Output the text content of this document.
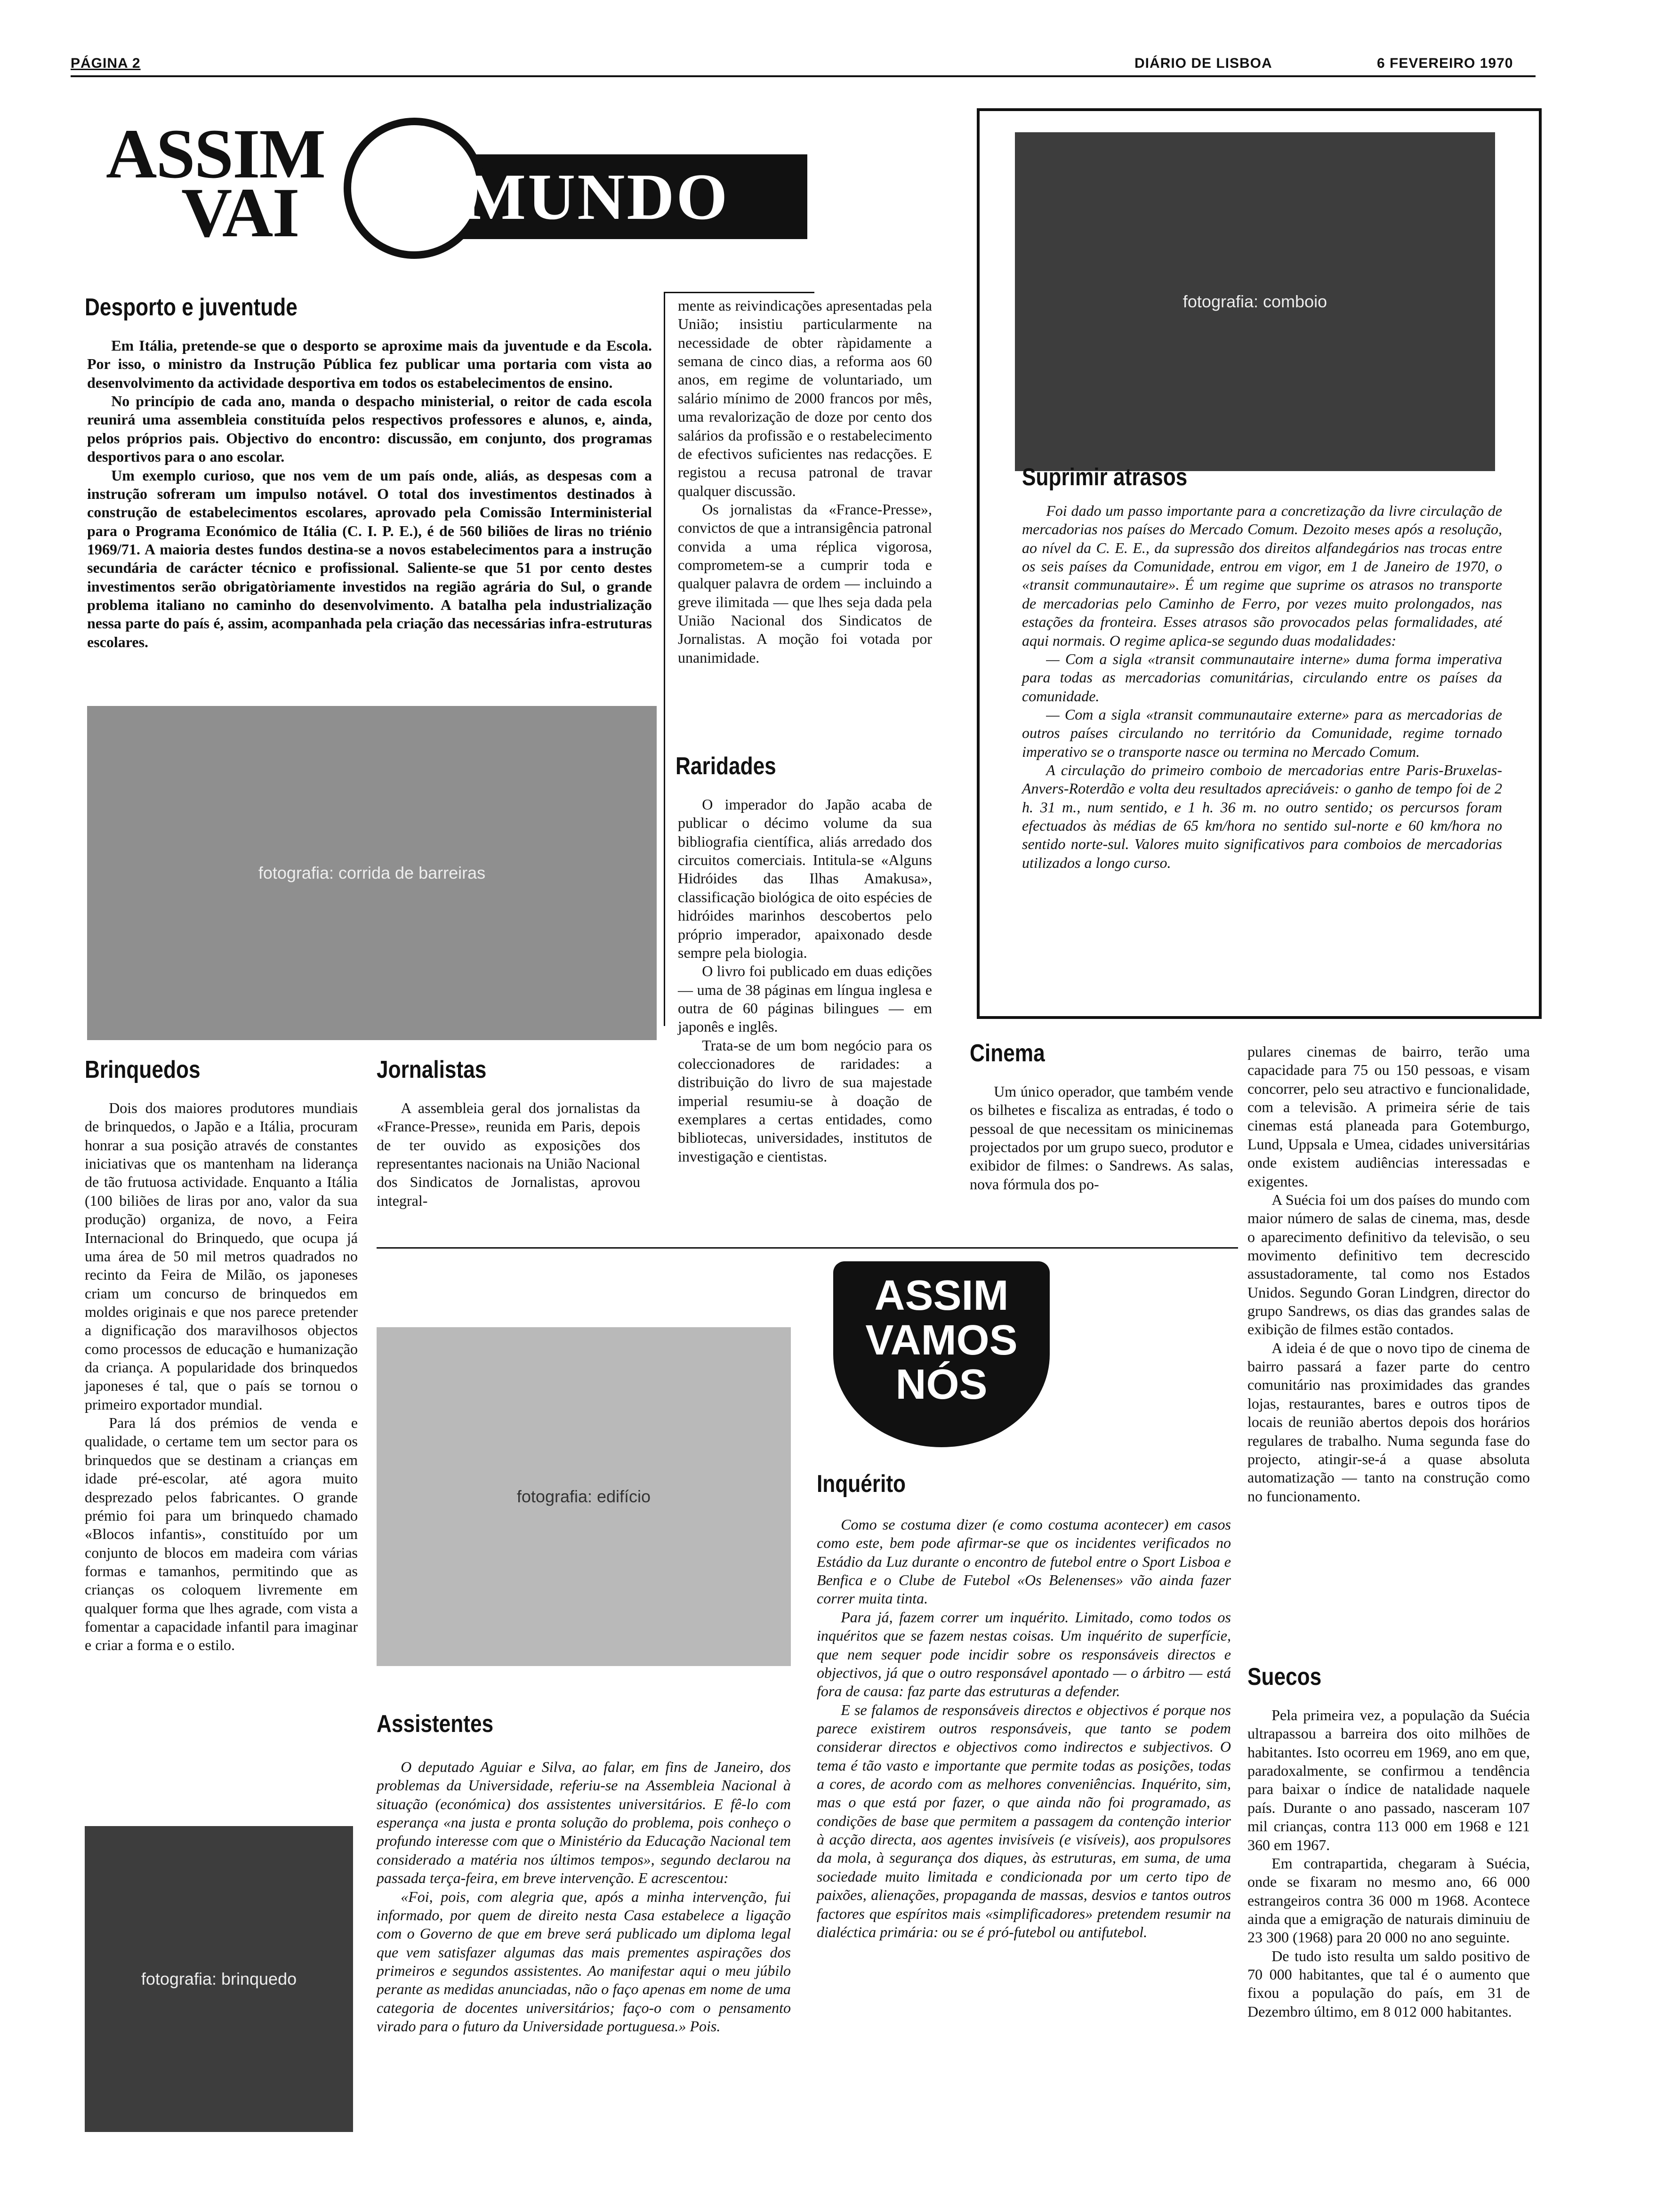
PÁGINA 2	DIÁRIO DE LISBOA	6 FEVEREIRO 1970
ASSIM
VAI	MUNDO
Desporto e juventude

Em Itália, pretende-se que o desporto se aproxime mais da juventude e da Escola. Por isso, o ministro da Instrução Pública fez publicar uma portaria com vista ao desenvolvimento da actividade desportiva em todos os estabelecimentos de ensino.

No princípio de cada ano, manda o despacho ministerial, o reitor de cada escola reunirá uma assembleia constituída pelos respectivos professores e alunos, e, ainda, pelos próprios pais. Objectivo do encontro: discussão, em conjunto, dos programas desportivos para o ano escolar.

Um exemplo curioso, que nos vem de um país onde, aliás, as despesas com a instrução sofreram um impulso notável. O total dos investimentos destinados à construção de estabelecimentos escolares, aprovado pela Comissão Interministerial para o Programa Económico de Itália (C. I. P. E.), é de 560 biliões de liras no triénio 1969/71. A maioria destes fundos destina-se a novos estabelecimentos para a instrução secundária de carácter técnico e profissional. Saliente-se que 51 por cento destes investimentos serão obrigatòriamente investidos na região agrária do Sul, o grande problema italiano no caminho do desenvolvimento. A batalha pela industrialização nessa parte do país é, assim, acompanhada pela criação das necessárias infra-estruturas escolares.

fotografia: corrida de barreiras

mente as reivindicações apresentadas pela União; insistiu particularmente na necessidade de obter ràpidamente a semana de cinco dias, a reforma aos 60 anos, em regime de voluntariado, um salário mínimo de 2000 francos por mês, uma revalorização de doze por cento dos salários da profissão e o restabelecimento de efectivos suficientes nas redacções. E registou a recusa patronal de travar qualquer discussão.

Os jornalistas da «France-Presse», convictos de que a intransigência patronal convida a uma réplica vigorosa, comprometem-se a cumprir toda e qualquer palavra de ordem — incluindo a greve ilimitada — que lhes seja dada pela União Nacional dos Sindicatos de Jornalistas. A moção foi votada por unanimidade.

Raridades

O imperador do Japão acaba de publicar o décimo volume da sua bibliografia científica, aliás arredado dos circuitos comerciais. Intitula-se «Alguns Hidróides das Ilhas Amakusa», classificação biológica de oito espécies de hidróides marinhos descobertos pelo próprio imperador, apaixonado desde sempre pela biologia.

O livro foi publicado em duas edições — uma de 38 páginas em língua inglesa e outra de 60 páginas bilingues — em japonês e inglês.

Trata-se de um bom negócio para os coleccionadores de raridades: a distribuição do livro de sua majestade imperial resumiu-se à doação de exemplares a certas entidades, como bibliotecas, universidades, institutos de investigação e cientistas.

fotografia: comboio
Suprimir atrasos

Foi dado um passo importante para a concretização da livre circulação de mercadorias nos países do Mercado Comum. Dezoito meses após a resolução, ao nível da C. E. E., da supressão dos direitos alfandegários nas trocas entre os seis países da Comunidade, entrou em vigor, em 1 de Janeiro de 1970, o «transit communautaire». É um regime que suprime os atrasos no transporte de mercadorias pelo Caminho de Ferro, por vezes muito prolongados, nas estações da fronteira. Esses atrasos são provocados pelas formalidades, até aqui normais. O regime aplica-se segundo duas modalidades:

— Com a sigla «transit communautaire interne» duma forma imperativa para todas as mercadorias comunitárias, circulando entre os países da comunidade.

— Com a sigla «transit communautaire externe» para as mercadorias de outros países circulando no território da Comunidade, regime tornado imperativo se o transporte nasce ou termina no Mercado Comum.

A circulação do primeiro comboio de mercadorias entre Paris-Bruxelas-Anvers-Roterdão e volta deu resultados apreciáveis: o ganho de tempo foi de 2 h. 31 m., num sentido, e 1 h. 36 m. no outro sentido; os percursos foram efectuados às médias de 65 km/hora no sentido sul-norte e 60 km/hora no sentido norte-sul. Valores muito significativos para comboios de mercadorias utilizados a longo curso.

Brinquedos

Dois dos maiores produtores mundiais de brinquedos, o Japão e a Itália, procuram honrar a sua posição através de constantes iniciativas que os mantenham na liderança de tão frutuosa actividade. Enquanto a Itália (100 biliões de liras por ano, valor da sua produção) organiza, de novo, a Feira Internacional do Brinquedo, que ocupa já uma área de 50 mil metros quadrados no recinto da Feira de Milão, os japoneses criam um concurso de brinquedos em moldes originais e que nos parece pretender a dignificação dos maravilhosos objectos como processos de educação e humanização da criança. A popularidade dos brinquedos japoneses é tal, que o país se tornou o primeiro exportador mundial.

Para lá dos prémios de venda e qualidade, o certame tem um sector para os brinquedos que se destinam a crianças em idade pré-escolar, até agora muito desprezado pelos fabricantes. O grande prémio foi para um brinquedo chamado «Blocos infantis», constituído por um conjunto de blocos em madeira com várias formas e tamanhos, permitindo que as crianças os coloquem livremente em qualquer forma que lhes agrade, com vista a fomentar a capacidade infantil para imaginar e criar a forma e o estilo.

fotografia: brinquedo
Jornalistas

A assembleia geral dos jornalistas da «France-Presse», reunida em Paris, depois de ter ouvido as exposições dos representantes nacionais na União Nacional dos Sindicatos de Jornalistas, aprovou integral-

Cinema

Um único operador, que também vende os bilhetes e fiscaliza as entradas, é todo o pessoal de que necessitam os minicinemas projectados por um grupo sueco, produtor e exibidor de filmes: o Sandrews. As salas, nova fórmula dos po-

pulares cinemas de bairro, terão uma capacidade para 75 ou 150 pessoas, e visam concorrer, pelo seu atractivo e funcionalidade, com a televisão. A primeira série de tais cinemas está planeada para Gotemburgo, Lund, Uppsala e Umea, cidades universitárias onde existem audiências interessadas e exigentes.

A Suécia foi um dos países do mundo com maior número de salas de cinema, mas, desde o aparecimento definitivo da televisão, o seu movimento definitivo tem decrescido assustadoramente, tal como nos Estados Unidos. Segundo Goran Lindgren, director do grupo Sandrews, os dias das grandes salas de exibição de filmes estão contados.

A ideia é de que o novo tipo de cinema de bairro passará a fazer parte do centro comunitário nas proximidades das grandes lojas, restaurantes, bares e outros tipos de locais de reunião abertos depois dos horários regulares de trabalho. Numa segunda fase do projecto, atingir-se-á a quase absoluta automatização — tanto na construção como no funcionamento.

ASSIM
VAMOS
NÓS
fotografia: edifício	Inquérito

Como se costuma dizer (e como costuma acontecer) em casos como este, bem pode afirmar-se que os incidentes verificados no Estádio da Luz durante o encontro de futebol entre o Sport Lisboa e Benfica e o Clube de Futebol «Os Belenenses» vão ainda fazer correr muita tinta.

Para já, fazem correr um inquérito. Limitado, como todos os inquéritos que se fazem nestas coisas. Um inquérito de superfície, que nem sequer pode incidir sobre os responsáveis directos e objectivos, já que o outro responsável apontado — o árbitro — está fora de causa: faz parte das estruturas a defender.

E se falamos de responsáveis directos e objectivos é porque nos parece existirem outros responsáveis, que tanto se podem considerar directos e objectivos como indirectos e subjectivos. O tema é tão vasto e importante que permite todas as posições, todas a cores, de acordo com as melhores conveniências. Inquérito, sim, mas o que está por fazer, o que ainda não foi programado, as condições de base que permitem a passagem da contenção interior à acção directa, aos agentes invisíveis (e visíveis), aos propulsores da mola, à segurança dos diques, às estruturas, em suma, de uma sociedade muito limitada e condicionada por um certo tipo de paixões, alienações, propaganda de massas, desvios e tantos outros factores que espíritos mais «simplificadores» pretendem resumir na dialéctica primária: ou se é pró-futebol ou antifutebol.

Assistentes

O deputado Aguiar e Silva, ao falar, em fins de Janeiro, dos problemas da Universidade, referiu-se na Assembleia Nacional à situação (económica) dos assistentes universitários. E fê-lo com esperança «na justa e pronta solução do problema, pois conheço o profundo interesse com que o Ministério da Educação Nacional tem considerado a matéria nos últimos tempos», segundo declarou na passada terça-feira, em breve intervenção. E acrescentou:

«Foi, pois, com alegria que, após a minha intervenção, fui informado, por quem de direito nesta Casa estabelece a ligação com o Governo de que em breve será publicado um diploma legal que vem satisfazer algumas das mais prementes aspirações dos primeiros e segundos assistentes. Ao manifestar aqui o meu júbilo perante as medidas anunciadas, não o faço apenas em nome de uma categoria de docentes universitários; faço-o com o pensamento virado para o futuro da Universidade portuguesa.» Pois.

Suecos

Pela primeira vez, a população da Suécia ultrapassou a barreira dos oito milhões de habitantes. Isto ocorreu em 1969, ano em que, paradoxalmente, se confirmou a tendência para baixar o índice de natalidade naquele país. Durante o ano passado, nasceram 107 mil crianças, contra 113 000 em 1968 e 121 360 em 1967.

Em contrapartida, chegaram à Suécia, onde se fixaram no mesmo ano, 66 000 estrangeiros contra 36 000 m 1968. Acontece ainda que a emigração de naturais diminuiu de 23 300 (1968) para 20 000 no ano seguinte.

De tudo isto resulta um saldo positivo de 70 000 habitantes, que tal é o aumento que fixou a população do país, em 31 de Dezembro último, em 8 012 000 habitantes.
